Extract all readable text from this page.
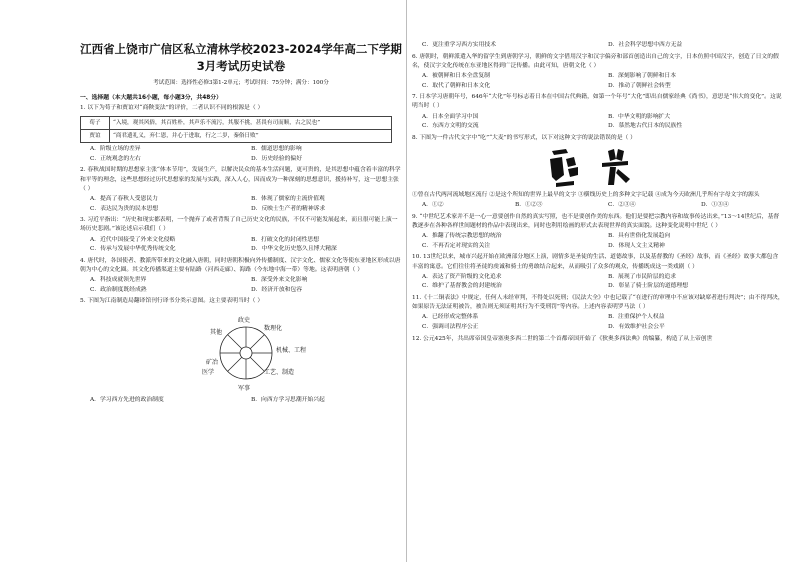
江西省上饶市广信区私立清林学校2023-2024学年高二下学期
3月考试历史试卷
考试范围：选择性必修3第1-2单元；考试时间：75分钟；满分：100分
一、选择题（本大题共16小题，每小题3分，共48分）

1. 以下为荀子和贾谊对“商鞅变法”的评价，二者认识不同的根源是（ ）

荀子	“入境，观其风俗，其百姓朴，其声乐不流污，其服不挑，甚畏有司而顺，古之民也”
贾谊	“商君遗礼义，弃仁恩，并心于进取，行之二岁，秦俗日败”
A．阶级立场的差异	B．儒道思想的影响
C．正统观念的左右	D．历史经验的偏好

2. 春秋战国时期的思想家主张“体本节用”，发展生产，以解决民众的基本生活问题，更可贵的，是其思想中蕴含着丰富的科学和平等的理念，这些思想经过历代思想家的发展与实践，深入人心，因而成为一种深刻的思想意识，援持补写，这一思想主张（ ）

A．提高了春秋人受恩民力	B．体现了儒家的主流价值观
C．表达民为贵的民本思想	D．反映士生产者的精神诉求

3. 习近平指出：“历史和现实都表明，一个抛弃了或者背叛了自己历史文化的民族，不仅不可能发展起来，而且很可能上演一场历史悲剧。”该论述启示我们（ ）

A．近代中国接受了外来文化侵略	B．打破文化的封闭性思想
C．传承与发展中华优秀传统文化	D．中华文化历史悠久且博大精深

4. 唐代时，各国使者、教派所带来的文化融入唐朝，同时唐朝积极向外传播制度、汉字文化、儒家文化等使东亚地区形成以唐朝为中心的文化圈。其文化传播渠道主要有陆路（河西走廊）、海路（今东地中海一带）等地。这表明唐朝（ ）

A．科技成就领先世界	B．深受外来文化影响
C．政治制度既经成熟	D．经济开放和包容

5. 下图为江南制造局翻译馆刊行译书分类示意图。这主要表明当时（ ）

政史
数理化
机械、工程
工艺、制造
军事
医学
矿冶
其他
A．学习西方先进的政治制度	B．向西方学习思潮开始兴起
C．更注重学习西方实用技术	D．社会科学思想中西方无益

6. 唐朝时，朝鲜派遣入华的留学生到唐朝学习，朝鲜的文字借用汉字和汉字偏旁和部首创造出自己的文字，日本仿照中国汉字，创造了日文的假名，使汉字文化传统在东亚地区得到广泛传播。由此可知，唐朝文化（ ）

A．被朝鲜和日本全盘复制	B．深刻影响了朝鲜和日本
C．取代了朝鲜和日本文化	D．推动了朝鲜社会转型

7. 日本学习唐朝年号，646年“大化”年号标志着日本在中国古代典籍，如第一个年号“大化”即出自儒家经典《尚书》，意思是“伟大的变化”。这说明当时（ ）

A．日本全面学习中国	B．中华文明的影响扩大
C．东西方文明的交流	D．慕然地古代日本的民族性

8. 下图为一件古代文字中“吃”“大麦”的书写形式，以下对这种文字的说法错误的是（ ）

①曾在古代两河流域地区流行 ②是这个所知的世界上最早的文字 ③横线历史上的多种文字记载 ④成为今天欧洲几乎所有字母文字的源头

A．①②	B．①②③	C．②③④	D．①③④

9. “中世纪艺术家并不是一心一意要创作自然的真实写照，也不是要创作美的东西。他们是要把宗教内容和故事传达出来，”13～14世纪后，基督教逐步在各种各样世间题材的作品中表现出来，同时也利用绘画的形式去表现世界的真实面貌。这种变化说明中世纪（ ）

A．推翻了传统宗教思想的统治	B．具有世俗化发展趋向
C．不再否定对现实的关注	D．体现人文主义精神

10. 13世纪以来，城市兴起开始在欧洲部分地区上演，剧情多是圣徒的生活、道德故事，以及基督教的《圣经》故事，而《圣经》故事大都包含丰富的寓意。它们往往将圣徒的虔诚和骑士的勇敢结合起来，从而吸引了众多的观众，传播既成这一类戏剧（ ）

A．表达了资产阶级的文化追求	B．展现了市民阶层的追求
C．维护了基督教会的封建统治	D．彰显了骑士阶层的道德理想

11.《十二铜表法》中规定，任何人未经审判，不得处以死刑；《民法大全》中也记载了“在进行的审理中不应该对缺席者进行判决”；由不得判决，如果原告无法证明被告，被告则无须证明其行为不受刑罚”等内容。上述内容表明罗马法（ ）

A．已经形成完整体系	B．注重保护个人权益
C．强调司法程序公正	D．有效维护社会公平

12. 公元425年，共出席帝国皇帝塞奥多西二世的第二个首都帝国开始了《狄奥多西法典》的编纂，构造了从上帝创世
